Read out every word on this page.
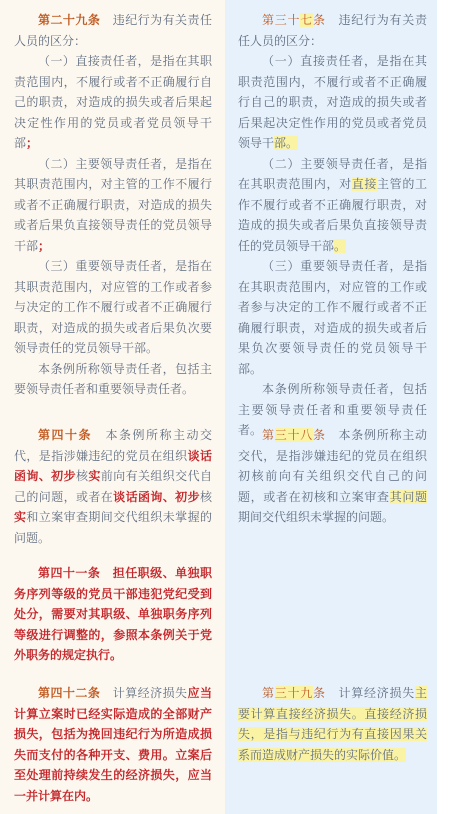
第二十九条　 违纪行为有关责任人员的区分：

（一）直接责任者，是指在其职责范围内，不履行或者不正确履行自己的职责，对造成的损失或者后果起决定性作用的党员或者党员领导干部；

（二）主要领导责任者，是指在其职责范围内，对主管的工作不履行或者不正确履行职责，对造成的损失或者后果负直接领导责任的党员领导干部；

（三）重要领导责任者，是指在其职责范围内，对应管的工作或者参与决定的工作不履行或者不正确履行职责，对造成的损失或者后果负次要领导责任的党员领导干部。

本条例所称领导责任者，包括主要领导责任者和重要领导责任者。

第四十条　 本条例所称主动交代，是指涉嫌违纪的党员在组织谈话函询、初步核实前向有关组织交代自己的问题，或者在谈话函询、初步核实和立案审查期间交代组织未掌握的问题。

第四十一条　担任职级、单独职务序列等级的党员干部违犯党纪受到处分，需要对其职级、单独职务序列等级进行调整的，参照本条例关于党外职务的规定执行。

第四十二条　 计算经济损失应当计算立案时已经实际造成的全部财产损失，包括为挽回违纪行为所造成损失而支付的各种开支、费用。立案后至处理前持续发生的经济损失，应当一并计算在内。

第三十七条　 违纪行为有关责任人员的区分：

（一）直接责任者，是指在其职责范围内，不履行或者不正确履行自己的职责，对造成的损失或者后果起决定性作用的党员或者党员领导干部。

（二）主要领导责任者，是指在其职责范围内，对直接主管的工作不履行或者不正确履行职责，对造成的损失或者后果负直接领导责任的党员领导干部。

（三）重要领导责任者，是指在其职责范围内，对应管的工作或者参与决定的工作不履行或者不正确履行职责，对造成的损失或者后果负次要领导责任的党员领导干部。

本条例所称领导责任者，包括主要领导责任者和重要领导责任者。 第三十八条　 本条例所称主动交代，是指涉嫌违纪的党员在组织初核前向有关组织交代自己的问题，或者在初核和立案审查其问题期间交代组织未掌握的问题。

第三十九条　 计算经济损失主要计算直接经济损失。直接经济损失，是指与违纪行为有直接因果关系而造成财产损失的实际价值。
